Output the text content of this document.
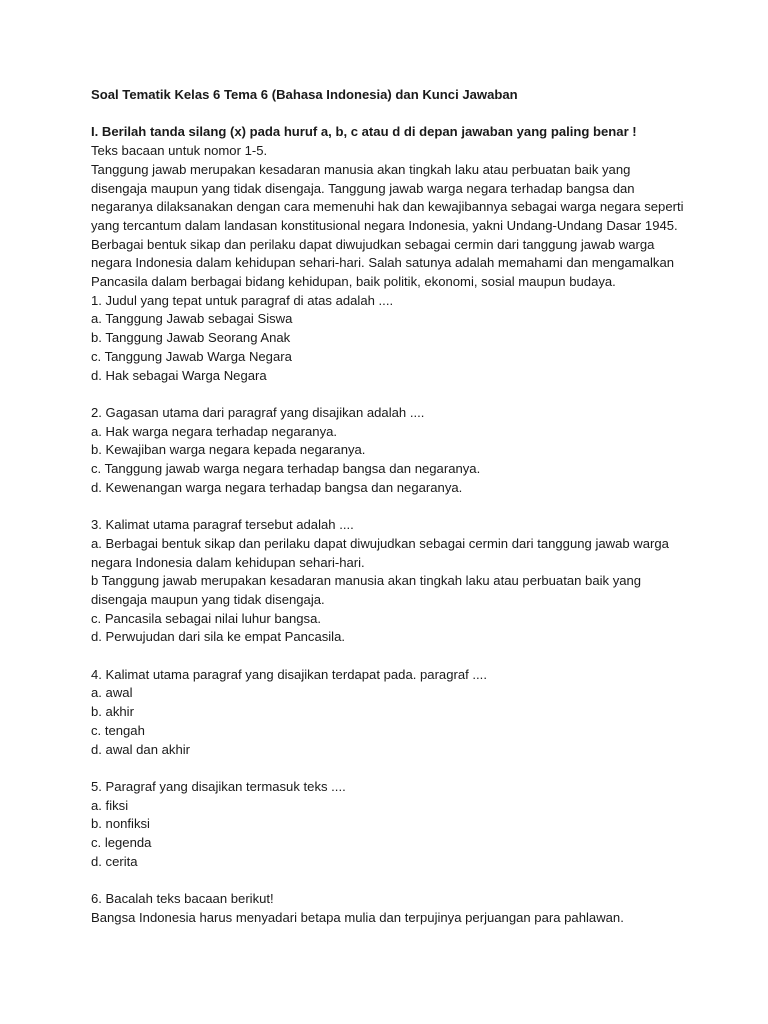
Soal Tematik Kelas 6 Tema 6 (Bahasa Indonesia) dan Kunci Jawaban

I. Berilah tanda silang (x) pada huruf a, b, c atau d di depan jawaban yang paling benar !

Teks bacaan untuk nomor 1-5.

Tanggung jawab merupakan kesadaran manusia akan tingkah laku atau perbuatan baik yang

disengaja maupun yang tidak disengaja. Tanggung jawab warga negara terhadap bangsa dan

negaranya dilaksanakan dengan cara memenuhi hak dan kewajibannya sebagai warga negara seperti

yang tercantum dalam landasan konstitusional negara Indonesia, yakni Undang-Undang Dasar 1945.

Berbagai bentuk sikap dan perilaku dapat diwujudkan sebagai cermin dari tanggung jawab warga

negara Indonesia dalam kehidupan sehari-hari. Salah satunya adalah memahami dan mengamalkan

Pancasila dalam berbagai bidang kehidupan, baik politik, ekonomi, sosial maupun budaya.

1. Judul yang tepat untuk paragraf di atas adalah ....

a. Tanggung Jawab sebagai Siswa

b. Tanggung Jawab Seorang Anak

c. Tanggung Jawab Warga Negara

d. Hak sebagai Warga Negara

2. Gagasan utama dari paragraf yang disajikan adalah ....

a. Hak warga negara terhadap negaranya.

b. Kewajiban warga negara kepada negaranya.

c. Tanggung jawab warga negara terhadap bangsa dan negaranya.

d. Kewenangan warga negara terhadap bangsa dan negaranya.

3. Kalimat utama paragraf tersebut adalah ....

a. Berbagai bentuk sikap dan perilaku dapat diwujudkan sebagai cermin dari tanggung jawab warga

negara Indonesia dalam kehidupan sehari-hari.

b Tanggung jawab merupakan kesadaran manusia akan tingkah laku atau perbuatan baik yang

disengaja maupun yang tidak disengaja.

c. Pancasila sebagai nilai luhur bangsa.

d. Perwujudan dari sila ke empat Pancasila.

4. Kalimat utama paragraf yang disajikan terdapat pada. paragraf ....

a. awal

b. akhir

c. tengah

d. awal dan akhir

5. Paragraf yang disajikan termasuk teks ....

a. fiksi

b. nonfiksi

c. legenda

d. cerita

6. Bacalah teks bacaan berikut!

Bangsa Indonesia harus menyadari betapa mulia dan terpujinya perjuangan para pahlawan.
